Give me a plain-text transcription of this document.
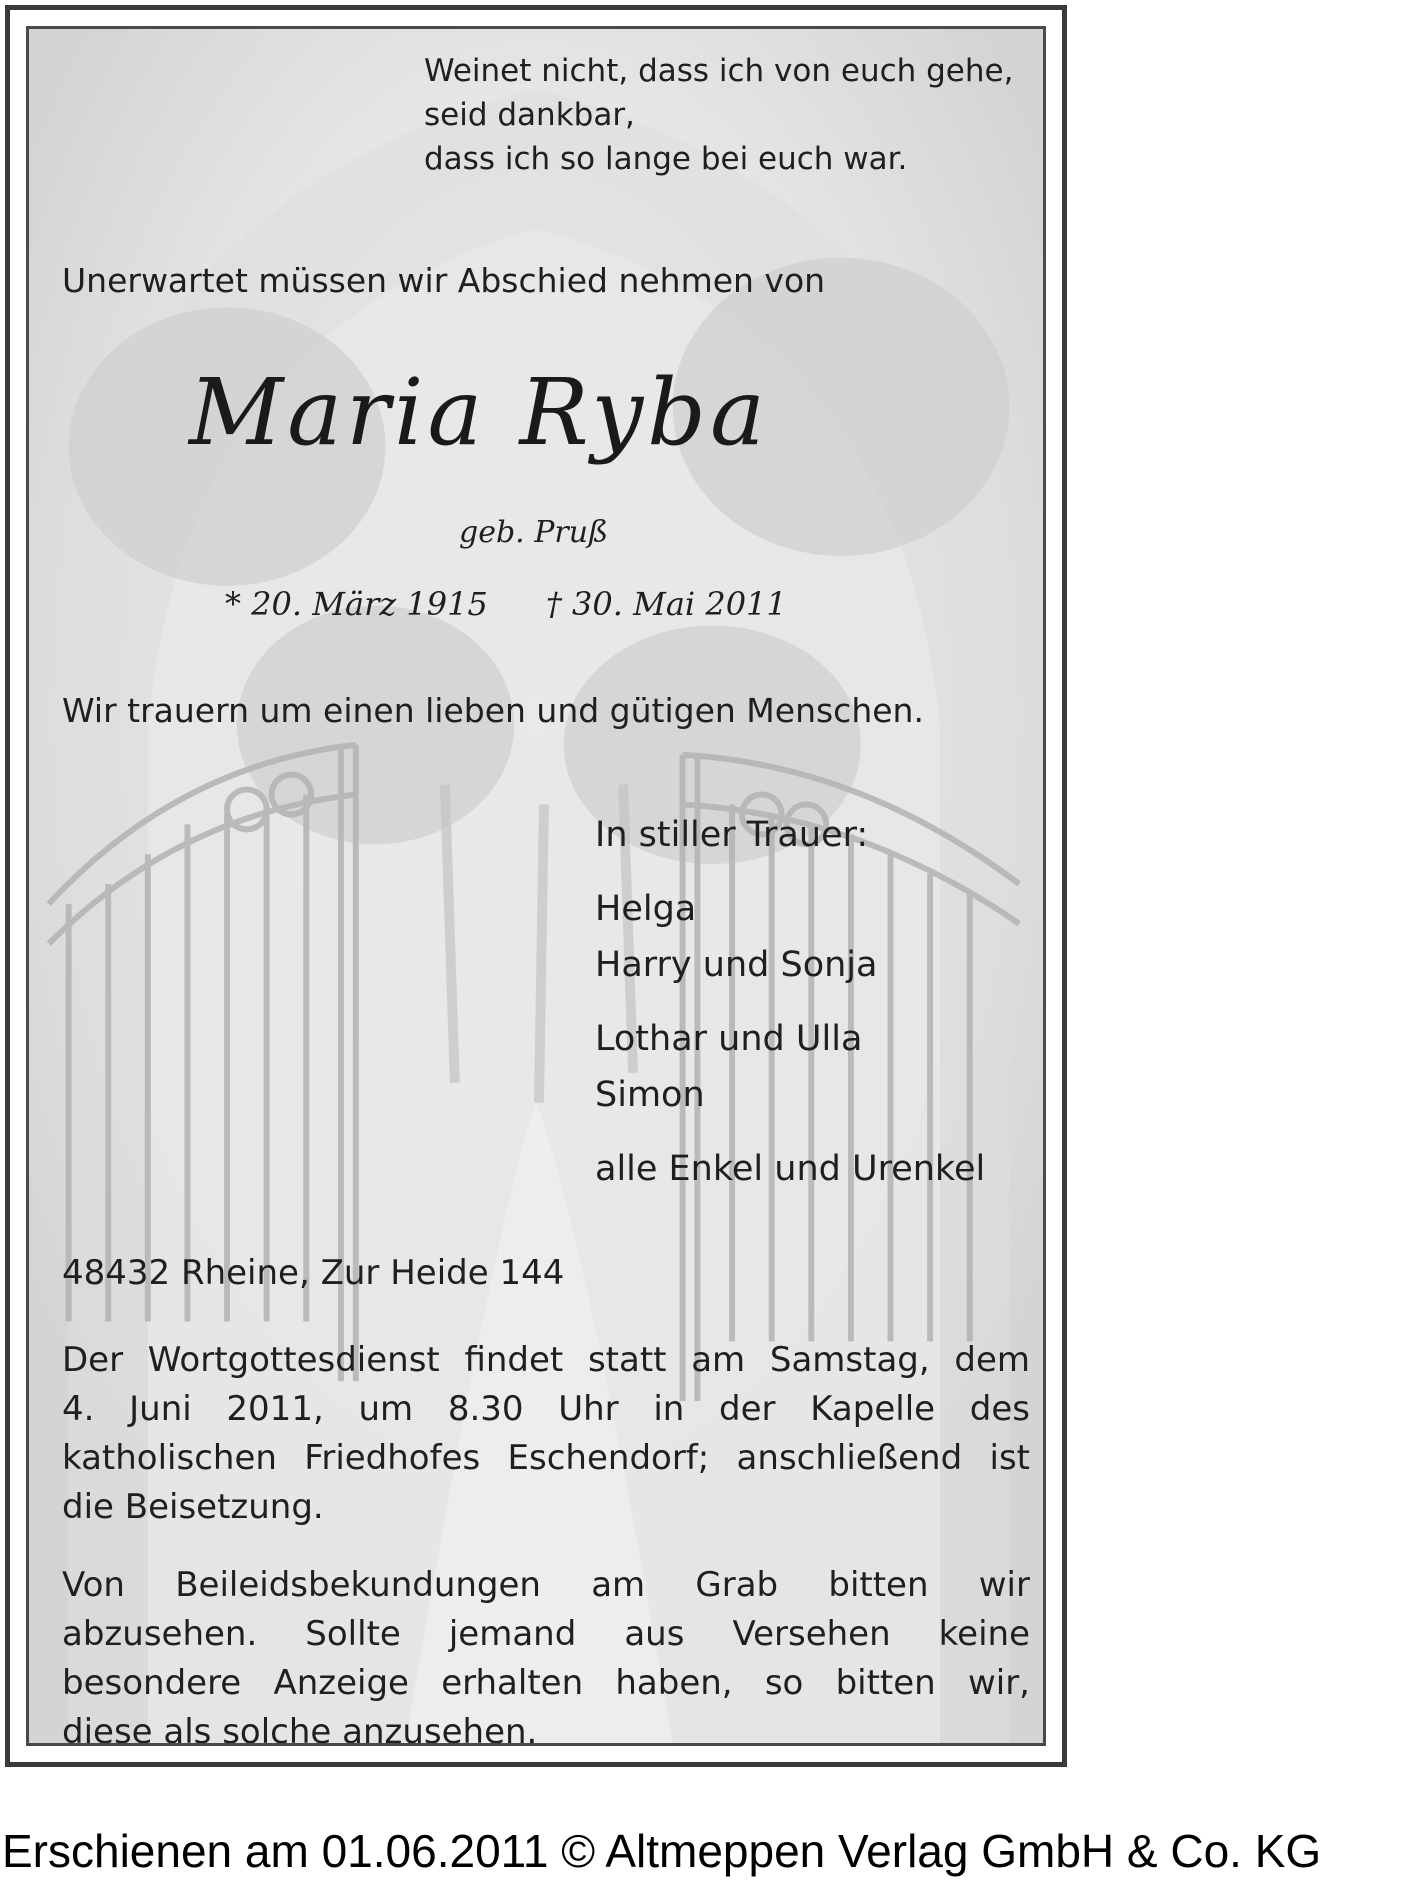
Weinet nicht, dass ich von euch gehe,
seid dankbar,
dass ich so lange bei euch war.
Unerwartet müssen wir Abschied nehmen von
Maria Ryba
geb. Pruß
* 20. März 1915 † 30. Mai 2011
Wir trauern um einen lieben und gütigen Menschen.
In stiller Trauer:
Helga
Harry und Sonja
Lothar und Ulla
Simon
alle Enkel und Urenkel
48432 Rheine, Zur Heide 144
Der Wortgottesdienst findet statt am Samstag, dem
4. Juni 2011, um 8.30 Uhr in der Kapelle des
katholischen Friedhofes Eschendorf; anschließend ist
die Beisetzung.
Von Beileidsbekundungen am Grab bitten wir
abzusehen. Sollte jemand aus Versehen keine
besondere Anzeige erhalten haben, so bitten wir,
diese als solche anzusehen.
Erschienen am 01.06.2011 © Altmeppen Verlag GmbH & Co. KG
